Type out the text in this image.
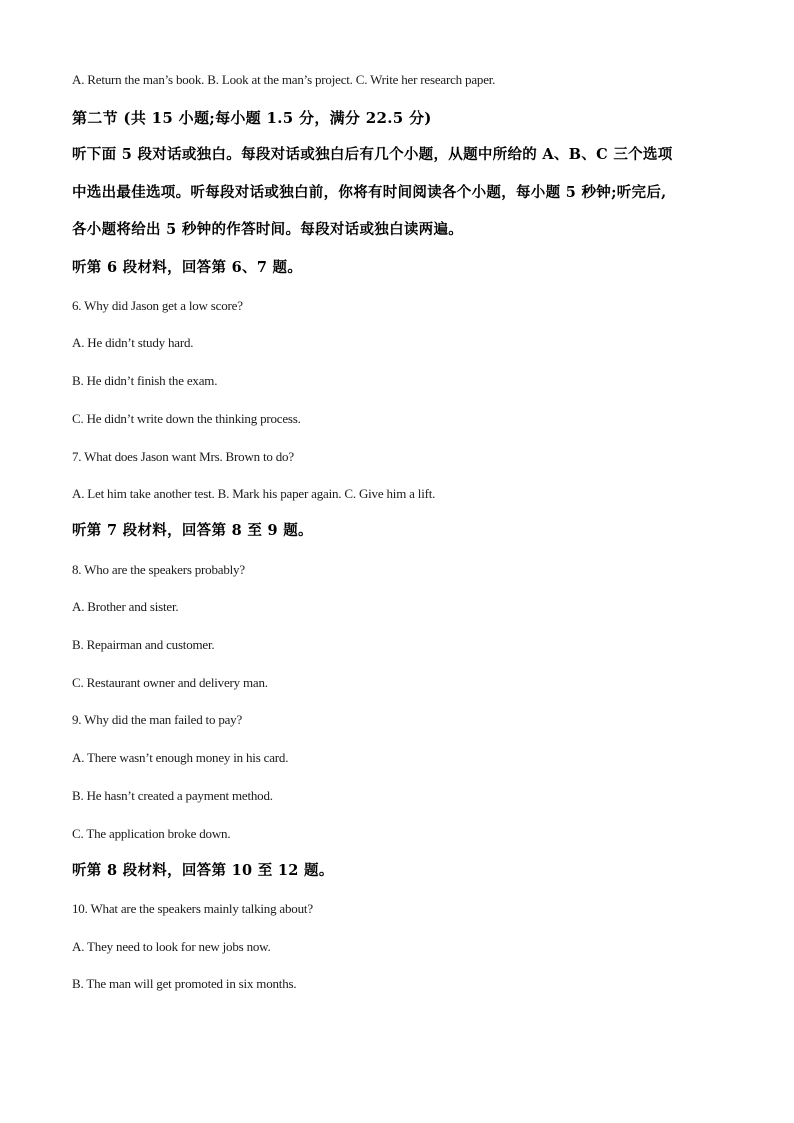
A. Return the man’s book. B. Look at the man’s project. C. Write her research paper.
第二节 (共 15 小题;每小题 1.5 分，满分 22.5 分)
听下面 5 段对话或独白。每段对话或独白后有几个小题，从题中所给的 A、B、C 三个选项
中选出最佳选项。听每段对话或独白前，你将有时间阅读各个小题，每小题 5 秒钟;听完后,
各小题将给出 5 秒钟的作答时间。每段对话或独白读两遍。
听第 6 段材料，回答第 6、7 题。
6. Why did Jason get a low score?
A. He didn’t study hard.
B. He didn’t finish the exam.
C. He didn’t write down the thinking process.
7. What does Jason want Mrs. Brown to do?
A. Let him take another test. B. Mark his paper again. C. Give him a lift.
听第 7 段材料，回答第 8 至 9 题。
8. Who are the speakers probably?
A. Brother and sister.
B. Repairman and customer.
C. Restaurant owner and delivery man.
9. Why did the man failed to pay?
A. There wasn’t enough money in his card.
B. He hasn’t created a payment method.
C. The application broke down.
听第 8 段材料，回答第 10 至 12 题。
10. What are the speakers mainly talking about?
A. They need to look for new jobs now.
B. The man will get promoted in six months.
